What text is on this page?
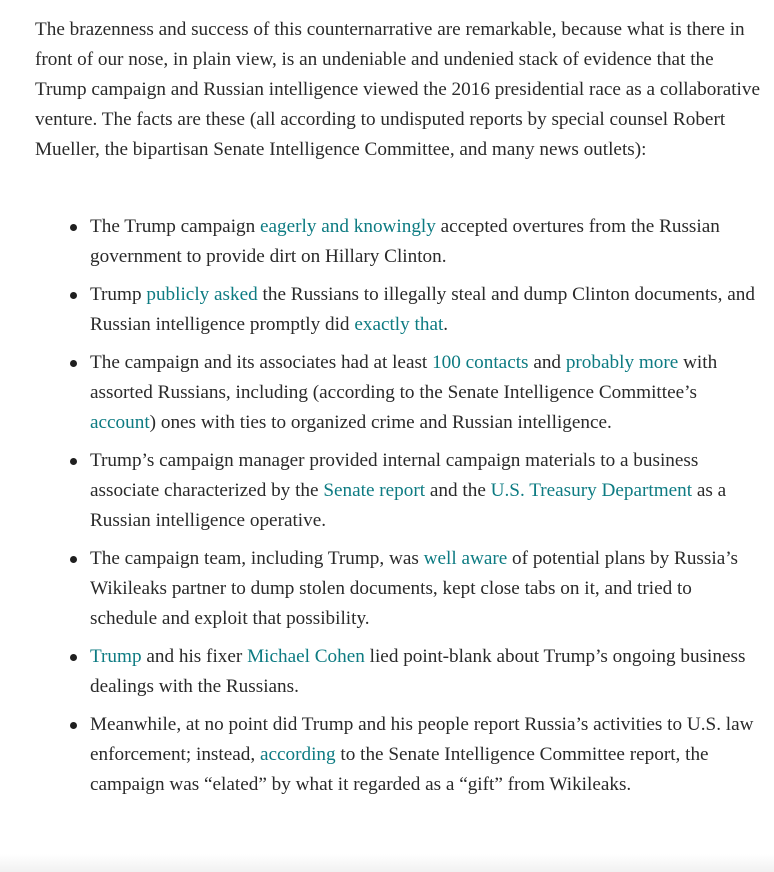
The brazenness and success of this counternarrative are remarkable, because what is there in front of our nose, in plain view, is an undeniable and undenied stack of evidence that the Trump campaign and Russian intelligence viewed the 2016 presidential race as a collaborative venture. The facts are these (all according to undisputed reports by special counsel Robert Mueller, the bipartisan Senate Intelligence Committee, and many news outlets):

The Trump campaign eagerly and knowingly accepted overtures from the Russian government to provide dirt on Hillary Clinton.
Trump publicly asked the Russians to illegally steal and dump Clinton documents, and Russian intelligence promptly did exactly that.
The campaign and its associates had at least 100 contacts and probably more with assorted Russians, including (according to the Senate Intelligence Committee’s account) ones with ties to organized crime and Russian intelligence.
Trump’s campaign manager provided internal campaign materials to a business associate characterized by the Senate report and the U.S. Treasury Department as a Russian intelligence operative.
The campaign team, including Trump, was well aware of potential plans by Russia’s Wikileaks partner to dump stolen documents, kept close tabs on it, and tried to schedule and exploit that possibility.
Trump and his fixer Michael Cohen lied point-blank about Trump’s ongoing business dealings with the Russians.
Meanwhile, at no point did Trump and his people report Russia’s activities to U.S. law enforcement; instead, according to the Senate Intelligence Committee report, the campaign was “elated” by what it regarded as a “gift” from Wikileaks.
